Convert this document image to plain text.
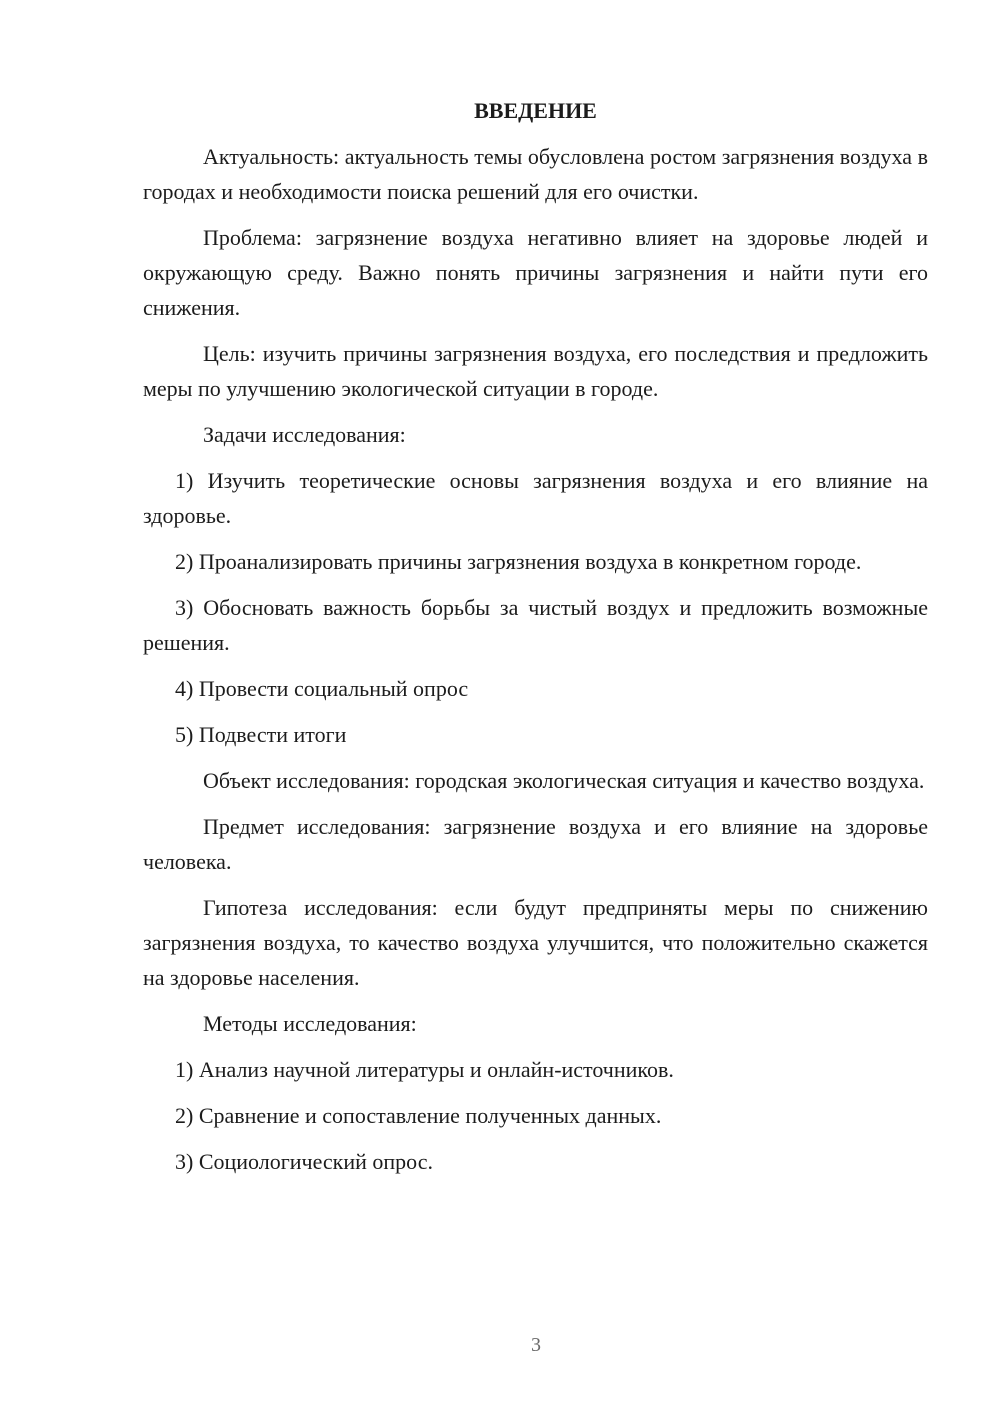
ВВЕДЕНИЕ

Актуальность: актуальность темы обусловлена ростом загрязнения воздуха в городах и необходимости поиска решений для его очистки.

Проблема: загрязнение воздуха негативно влияет на здоровье людей и окружающую среду. Важно понять причины загрязнения и найти пути его снижения.

Цель: изучить причины загрязнения воздуха, его последствия и предложить меры по улучшению экологической ситуации в городе.

Задачи исследования:

1) Изучить теоретические основы загрязнения воздуха и его влияние на здоровье.
2) Проанализировать причины загрязнения воздуха в конкретном городе.
3) Обосновать важность борьбы за чистый воздух и предложить возможные решения.
4) Провести социальный опрос
5) Подвести итоги

Объект исследования: городская экологическая ситуация и качество воздуха.

Предмет исследования: загрязнение воздуха и его влияние на здоровье человека.

Гипотеза исследования: если будут предприняты меры по снижению загрязнения воздуха, то качество воздуха улучшится, что положительно скажется на здоровье населения.

Методы исследования:

1) Анализ научной литературы и онлайн-источников.
2) Сравнение и сопоставление полученных данных.
3) Социологический опрос.
3
